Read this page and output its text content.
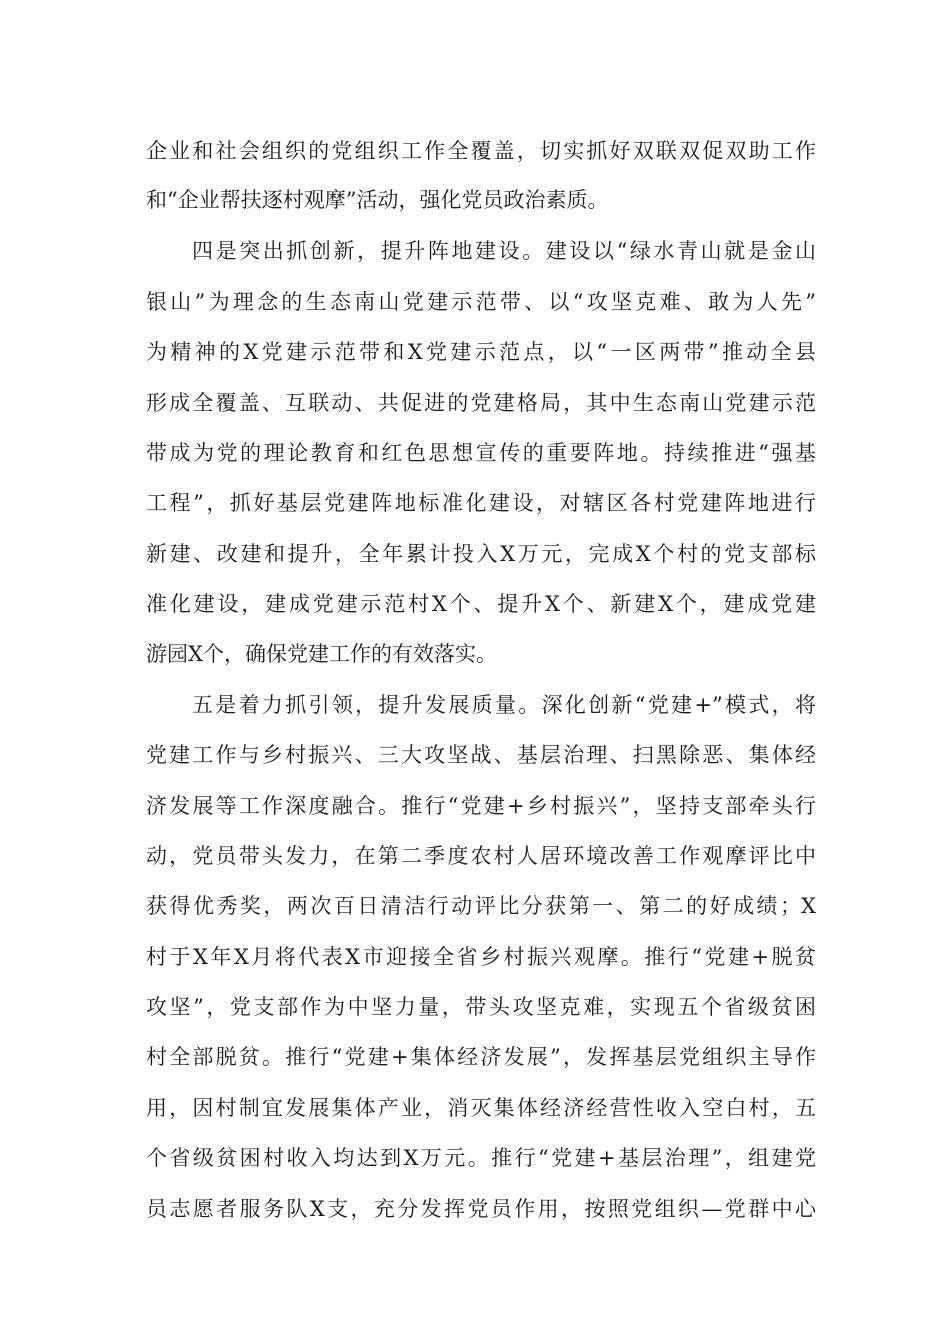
企业和社会组织的党组织工作全覆盖，切实抓好双联双促双助工作
和“企业帮扶逐村观摩”活动，强化党员政治素质。
四是突出抓创新，提升阵地建设。建设以“绿水青山就是金山
银山”为理念的生态南山党建示范带、以“攻坚克难、敢为人先”
为精神的X党建示范带和X党建示范点，以“一区两带”推动全县
形成全覆盖、互联动、共促进的党建格局，其中生态南山党建示范
带成为党的理论教育和红色思想宣传的重要阵地。持续推进“强基
工程”，抓好基层党建阵地标准化建设，对辖区各村党建阵地进行
新建、改建和提升，全年累计投入X万元，完成X个村的党支部标
准化建设，建成党建示范村X个、提升X个、新建X个，建成党建
游园X个，确保党建工作的有效落实。
五是着力抓引领，提升发展质量。深化创新“党建+”模式，将
党建工作与乡村振兴、三大攻坚战、基层治理、扫黑除恶、集体经
济发展等工作深度融合。推行“党建+乡村振兴”，坚持支部牵头行
动，党员带头发力，在第二季度农村人居环境改善工作观摩评比中
获得优秀奖，两次百日清洁行动评比分获第一、第二的好成绩；X
村于X年X月将代表X市迎接全省乡村振兴观摩。推行“党建+脱贫
攻坚”，党支部作为中坚力量，带头攻坚克难，实现五个省级贫困
村全部脱贫。推行“党建+集体经济发展”，发挥基层党组织主导作
用，因村制宜发展集体产业，消灭集体经济经营性收入空白村，五
个省级贫困村收入均达到X万元。推行“党建+基层治理”，组建党
员志愿者服务队X支，充分发挥党员作用，按照党组织—党群中心
